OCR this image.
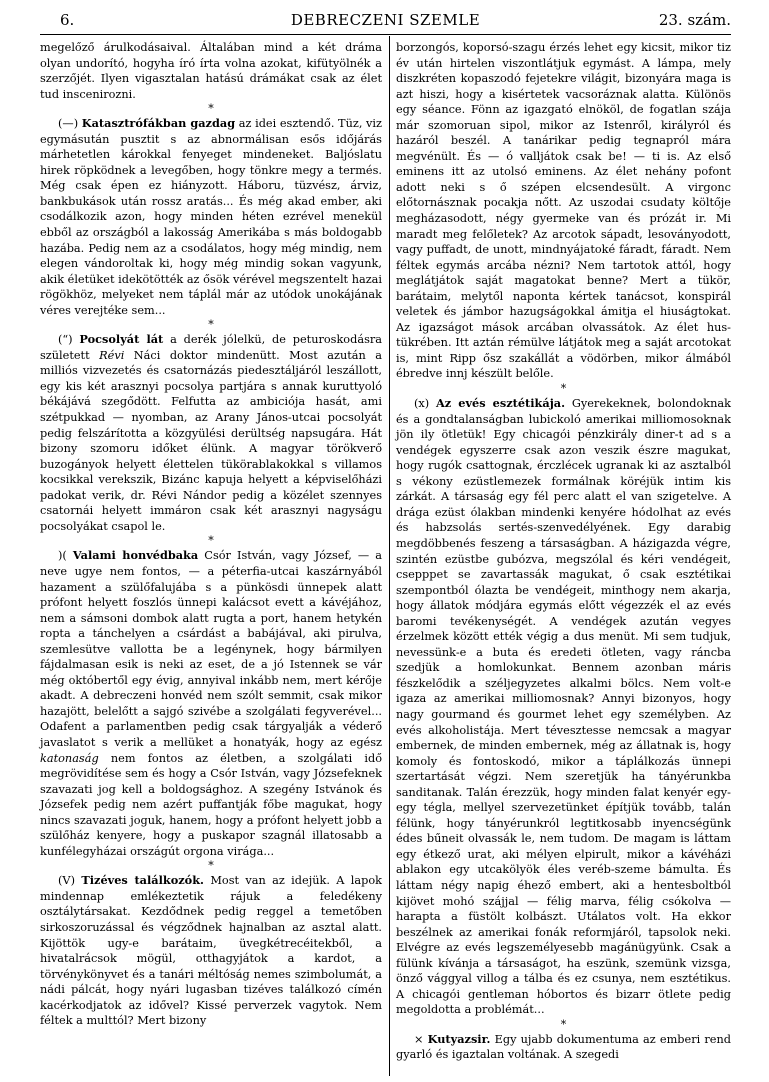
6.	DEBRECZENI SZEMLE	23. szám.

megelőző árulkodásaival. Általában mind a két dráma olyan undorító, hogyha író írta volna azokat, kifütyölnék a szerzőjét. Ilyen vigasztalan hatású drámákat csak az élet tud inscenirozni.

*

(—) Katasztrófákban gazdag az idei esztendő. Tüz, viz egymásután pusztit s az abnormálisan esős időjárás márhetetlen károkkal fenyeget mindeneket. Baljóslatu hirek röpködnek a levegőben, hogy tönkre megy a termés. Még csak épen ez hiányzott. Háboru, tüzvész, árviz, bankbukások után rossz aratás... És még akad ember, aki csodálkozik azon, hogy minden héten ezrével menekül ebből az országból a lakosság Amerikába s más boldogabb hazába. Pedig nem az a csodálatos, hogy még mindig, nem elegen vándoroltak ki, hogy még mindig sokan vagyunk, akik életüket idekötötték az ősök vérével megszentelt hazai rögökhöz, melyeket nem táplál már az utódok unokájának véres verejtéke sem...

*

(“) Pocsolyát lát a derék jólelkü, de peturoskodásra született Révi Náci doktor mindenütt. Most azután a milliós vizvezetés és csatornázás piedesztáljáról leszállott, egy kis két arasznyi pocsolya partjára s annak kuruttyoló békájává szegődött. Felfutta az ambiciója hasát, ami szétpukkad — nyomban, az Arany János-utcai pocsolyát pedig felszárította a közgyülési derültség napsugára. Hát bizony szomoru időket élünk. A magyar törökverő buzogányok helyett élettelen tükörablakokkal s villamos kocsikkal verekszik, Bizánc kapuja helyett a képviselőházi padokat verik, dr. Révi Nándor pedig a közélet szennyes csatornái helyett immáron csak két arasznyi nagyságu pocsolyákat csapol le.

*

)( Valami honvédbaka Csór István, vagy József, — a neve ugye nem fontos, — a péterfia-utcai kaszárnyából hazament a szülőfalujába s a pünkösdi ünnepek alatt prófont helyett foszlós ünnepi kalácsot evett a kávéjához, nem a sámsoni dombok alatt rugta a port, hanem hetykén ropta a tánchelyen a csárdást a babájával, aki pirulva, szemlesütve vallotta be a legénynek, hogy bármilyen fájdalmasan esik is neki az eset, de a jó Istennek se vár még októbertől egy évig, annyival inkább nem, mert kérője akadt. A debreczeni honvéd nem szólt semmit, csak mikor hazajött, belelőtt a sajgó szivébe a szolgálati fegyverével... Odafent a parlamentben pedig csak tárgyalják a véderő javaslatot s verik a mellüket a honatyák, hogy az egész katonaság nem fontos az életben, a szolgálati idő megrövidítése sem és hogy a Csór István, vagy Józsefeknek szavazati jog kell a boldogsághoz. A szegény Istvánok és Józsefek pedig nem azért puffantják főbe magukat, hogy nincs szavazati joguk, hanem, hogy a prófont helyett jobb a szülőház kenyere, hogy a puskapor szagnál illatosabb a kunfélegyházai országút orgona virága...

*

(V) Tizéves találkozók. Most van az idejük. A lapok mindennap emlékeztetik rájuk a feledékeny osztálytársakat. Kezdődnek pedig reggel a temetőben sirkoszoruzással és végződnek hajnalban az asztal alatt. Kijöttök ugy-e barátaim, üvegkétrecéitekből, a hivatalrácsok mögül, otthagyjátok a kardot, a törvénykönyvet és a tanári méltóság nemes szimbolumát, a nádi pálcát, hogy nyári lugasban tizéves találkozó címén kacérkodjatok az idővel? Kissé perverzek vagytok. Nem féltek a multtól? Mert bizony

borzongós, koporsó-szagu érzés lehet egy kicsit, mikor tiz év után hirtelen viszontlátjuk egymást. A lámpa, mely diszkréten kopaszodó fejetekre világit, bizonyára maga is azt hiszi, hogy a kisértetek vacsoráznak alatta. Különös egy séance. Fönn az igazgató elnököl, de fogatlan szája már szomoruan sipol, mikor az Istenről, királyról és hazáról beszél. A tanárikar pedig tegnapról mára megvénült. És — ó valljátok csak be! — ti is. Az első eminens itt az utolsó eminens. Az élet nehány pofont adott neki s ő szépen elcsendesült. A virgonc előtornásznak pocakja nőtt. Az uszodai csudaty költője megházasodott, négy gyermeke van és prózát ir. Mi maradt meg felőletek? Az arcotok sápadt, lesoványodott, vagy puffadt, de unott, mindnyájatoké fáradt, fáradt. Nem féltek egymás arcába nézni? Nem tartotok attól, hogy meglátjátok saját magatokat benne? Mert a tükör, barátaim, melytől naponta kértek tanácsot, konspirál veletek és jámbor hazugságokkal ámitja el hiuságtokat. Az igazságot mások arcában olvassátok. Az élet hus-tükrében. Itt aztán rémülve látjátok meg a saját arcotokat is, mint Ripp ősz szakállát a vödörben, mikor álmából ébredve innj készült belőle.

*

(x) Az evés esztétikája. Gyerekeknek, bolondoknak és a gondtalanságban lubickoló amerikai milliomosoknak jön ily ötletük! Egy chicagói pénzkirály diner-t ad s a vendégek egyszerre csak azon veszik észre magukat, hogy rugók csattognak, érczlécek ugranak ki az asztalból s vékony ezüstlemezek formálnak köréjük intim kis zárkát. A társaság egy fél perc alatt el van szigetelve. A drága ezüst ólakban mindenki kenyére hódolhat az evés és habzsolás sertés-szenvedélyének. Egy darabig megdöbbenés feszeng a társaságban. A házigazda végre, szintén ezüstbe gubózva, megszólal és kéri vendégeit, csepppet se zavartassák magukat, ő csak esztétikai szempontból ólazta be vendégeit, minthogy nem akarja, hogy állatok módjára egymás előtt végezzék el az evés baromi tevékenységét. A vendégek azután vegyes érzelmek között ették végig a dus menüt. Mi sem tudjuk, nevessünk-e a buta és eredeti ötleten, vagy ráncba szedjük a homlokunkat. Bennem azonban máris fészkelődik a széljegyzetes alkalmi bölcs. Nem volt-e igaza az amerikai milliomosnak? Annyi bizonyos, hogy nagy gourmand és gourmet lehet egy személyben. Az evés alkoholistája. Mert tévesztesse nemcsak a magyar embernek, de minden embernek, még az állatnak is, hogy komoly és fontoskodó, mikor a táplálkozás ünnepi szertartását végzi. Nem szeretjük ha tányérunkba sanditanak. Talán érezzük, hogy minden falat kenyér egy-egy tégla, mellyel szervezetünket építjük tovább, talán félünk, hogy tányérunkról legtitkosabb inyencségünk édes bűneit olvassák le, nem tudom. De magam is láttam egy étkező urat, aki mélyen elpirult, mikor a kávéházi ablakon egy utcakölyök éles veréb-szeme bámulta. És láttam négy napig éhező embert, aki a hentesboltból kijövet mohó szájjal — félig marva, félig csókolva — harapta a füstölt kolbászt. Utálatos volt. Ha ekkor beszélnek az amerikai fonák reformjáról, tapsolok neki. Elvégre az evés legszemélyesebb magánügyünk. Csak a fülünk kívánja a társaságot, ha eszünk, szemünk vizsga, önző vággyal villog a tálba és ez csunya, nem esztétikus. A chicagói gentleman hóbortos és bizarr ötlete pedig megoldotta a problémát...

*

× Kutyazsir. Egy ujabb dokumentuma az emberi rend gyarló és igaztalan voltának. A szegedi
